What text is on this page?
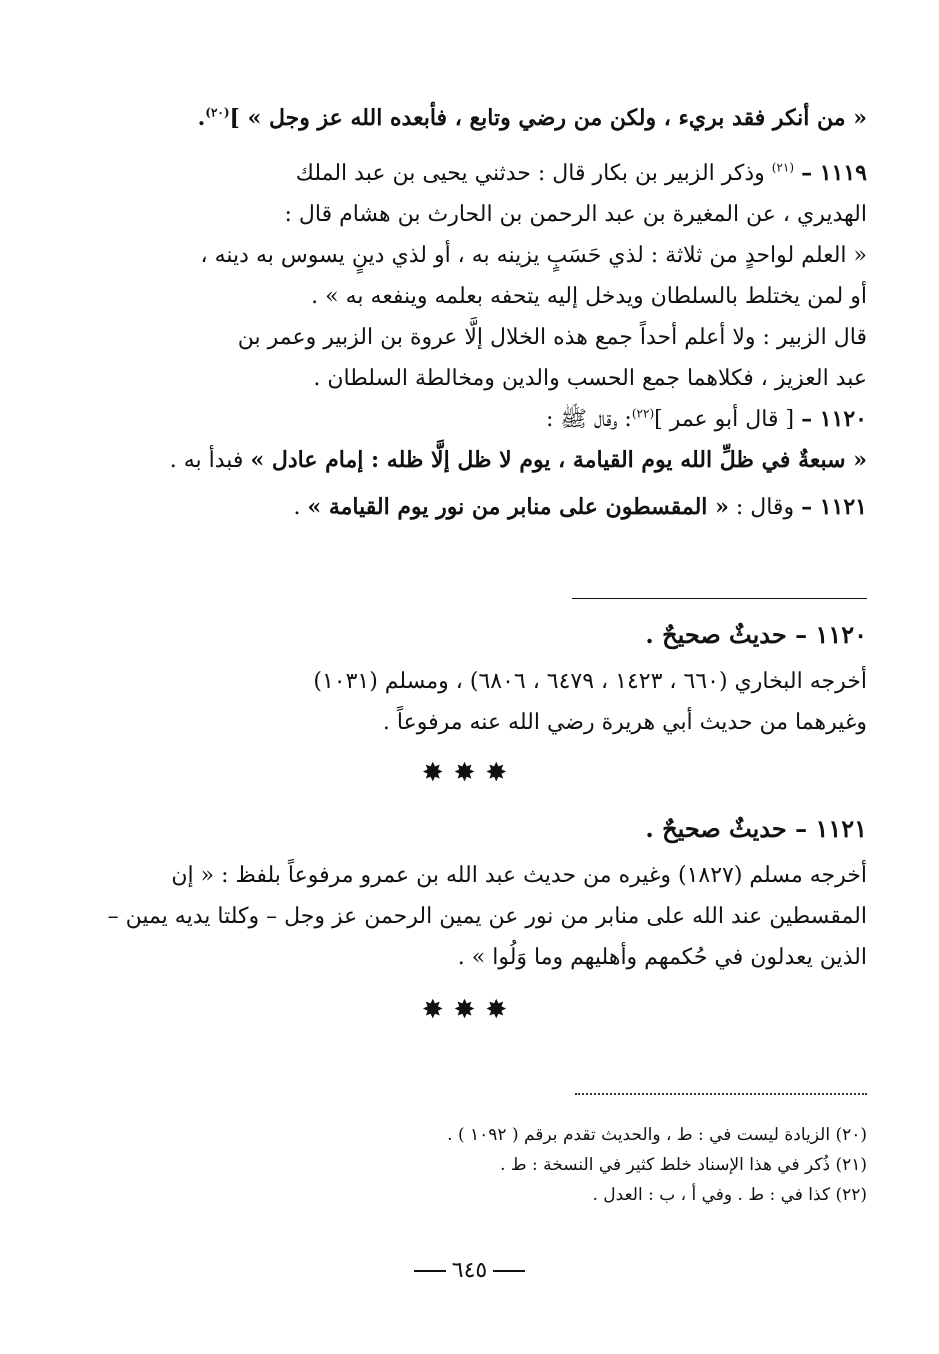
« من أنكر فقد بريء ، ولكن من رضي وتابع ، فأبعده الله عز وجل » ]$^{(٢٠)}$.
١١١٩ – $^{(٢١)}$ وذكر الزبير بن بكار قال : حدثني يحيى بن عبد الملك
الهديري ، عن المغيرة بن عبد الرحمن بن الحارث بن هشام قال :
« العلم لواحدٍ من ثلاثة : لذي حَسَبٍ يزينه به ، أو لذي دينٍ يسوس به دينه ،
أو لمن يختلط بالسلطان ويدخل إليه يتحفه بعلمه وينفعه به » .
قال الزبير : ولا أعلم أحداً جمع هذه الخلال إلَّا عروة بن الزبير وعمر بن
عبد العزيز ، فكلاهما جمع الحسب والدين ومخالطة السلطان .
١١٢٠ – [ قال أبو عمر ]$^{(٢٢)}$: وقال ﷺ :
« سبعةٌ في ظلِّ الله يوم القيامة ، يوم لا ظل إلَّا ظله : إمام عادل » فبدأ به .
١١٢١ – وقال : « المقسطون على منابر من نور يوم القيامة » .
١١٢٠ – حديثٌ صحيحٌ .
أخرجه البخاري (٦٦٠ ، ١٤٢٣ ، ٦٤٧٩ ، ٦٨٠٦) ، ومسلم (١٠٣١)
وغيرهما من حديث أبي هريرة رضي الله عنه مرفوعاً .
✸✸✸
١١٢١ – حديثٌ صحيحٌ .
أخرجه مسلم (١٨٢٧) وغيره من حديث عبد الله بن عمرو مرفوعاً بلفظ : « إن
المقسطين عند الله على منابر من نور عن يمين الرحمن عز وجل – وكلتا يديه يمين –
الذين يعدلون في حُكمهم وأهليهم وما وَلُوا » .
✸✸✸
(٢٠) الزيادة ليست في : ط ، والحديث تقدم برقم ( ١٠٩٢ ) .
(٢١) ذُكر في هذا الإسناد خلط كثير في النسخة : ط .
(٢٢) كذا في : ط . وفي أ ، ب : العدل .
٦٤٥
